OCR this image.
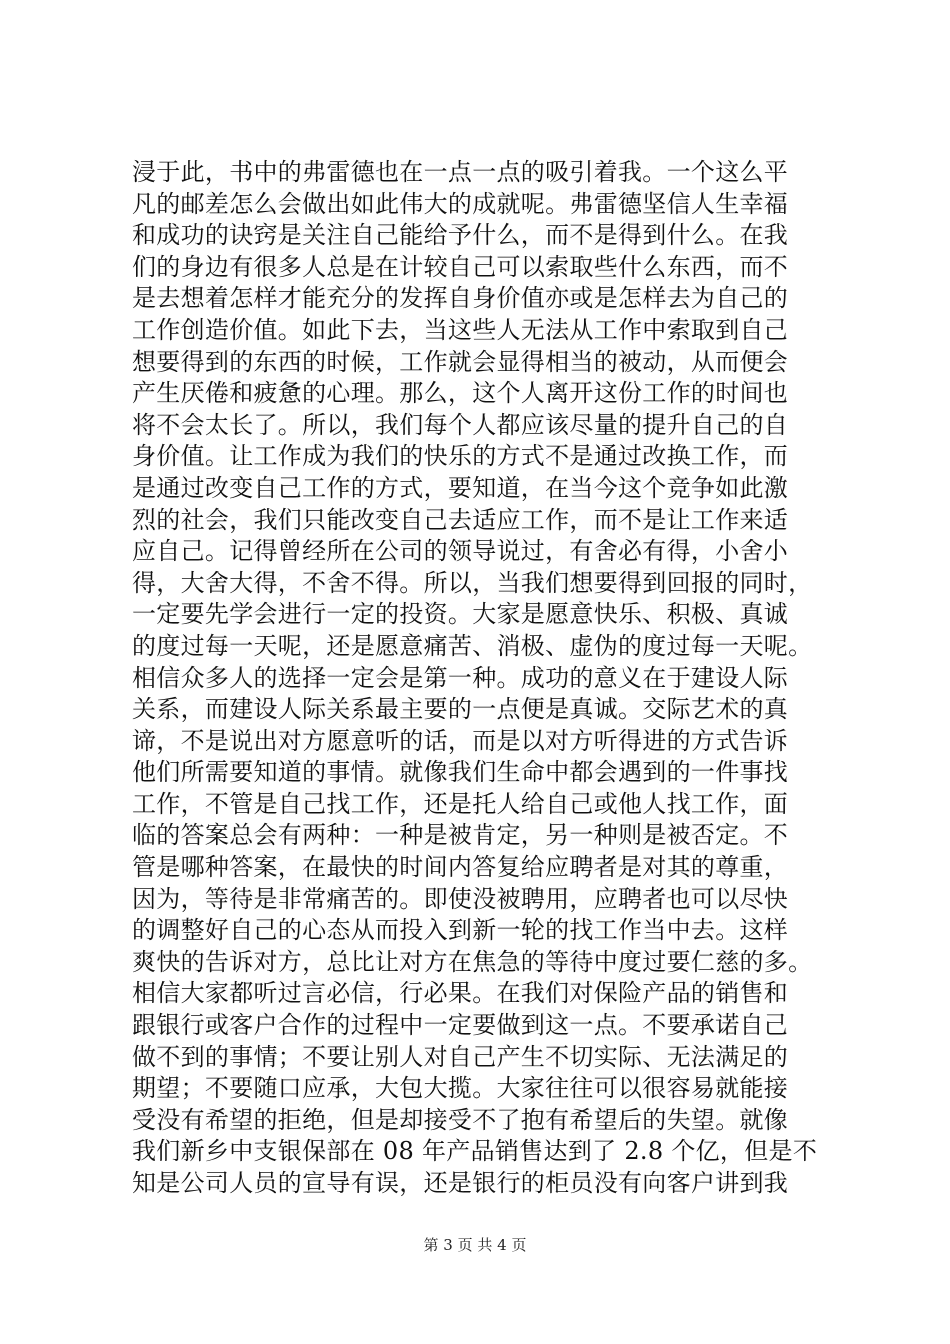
浸于此，书中的弗雷德也在一点一点的吸引着我。一个这么平
凡的邮差怎么会做出如此伟大的成就呢。弗雷德坚信人生幸福
和成功的诀窍是关注自己能给予什么，而不是得到什么。在我
们的身边有很多人总是在计较自己可以索取些什么东西，而不
是去想着怎样才能充分的发挥自身价值亦或是怎样去为自己的
工作创造价值。如此下去，当这些人无法从工作中索取到自己
想要得到的东西的时候，工作就会显得相当的被动，从而便会
产生厌倦和疲惫的心理。那么，这个人离开这份工作的时间也
将不会太长了。所以，我们每个人都应该尽量的提升自己的自
身价值。让工作成为我们的快乐的方式不是通过改换工作，而
是通过改变自己工作的方式，要知道，在当今这个竞争如此激
烈的社会，我们只能改变自己去适应工作，而不是让工作来适
应自己。记得曾经所在公司的领导说过，有舍必有得，小舍小
得，大舍大得，不舍不得。所以，当我们想要得到回报的同时，
一定要先学会进行一定的投资。大家是愿意快乐、积极、真诚
的度过每一天呢，还是愿意痛苦、消极、虚伪的度过每一天呢。
相信众多人的选择一定会是第一种。成功的意义在于建设人际
关系，而建设人际关系最主要的一点便是真诚。交际艺术的真
谛，不是说出对方愿意听的话，而是以对方听得进的方式告诉
他们所需要知道的事情。就像我们生命中都会遇到的一件事找
工作，不管是自己找工作，还是托人给自己或他人找工作，面
临的答案总会有两种：一种是被肯定，另一种则是被否定。不
管是哪种答案，在最快的时间内答复给应聘者是对其的尊重，
因为，等待是非常痛苦的。即使没被聘用，应聘者也可以尽快
的调整好自己的心态从而投入到新一轮的找工作当中去。这样
爽快的告诉对方，总比让对方在焦急的等待中度过要仁慈的多。
相信大家都听过言必信，行必果。在我们对保险产品的销售和
跟银行或客户合作的过程中一定要做到这一点。不要承诺自己
做不到的事情；不要让别人对自己产生不切实际、无法满足的
期望；不要随口应承，大包大揽。大家往往可以很容易就能接
受没有希望的拒绝，但是却接受不了抱有希望后的失望。就像
我们新乡中支银保部在 08 年产品销售达到了 2.8 个亿，但是不
知是公司人员的宣导有误，还是银行的柜员没有向客户讲到我
第 3 页 共 4 页
